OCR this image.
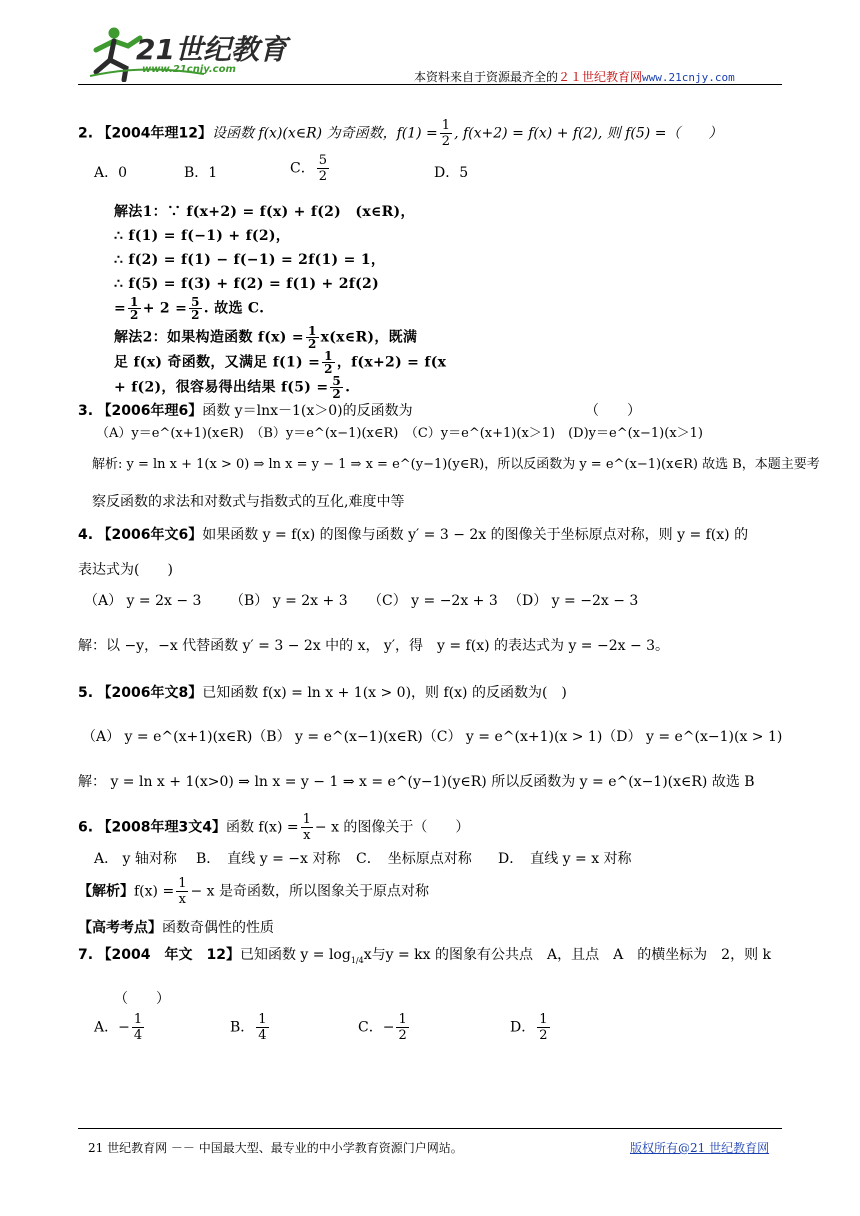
21世纪教育
www.21cnjy.com
本资料来自于资源最齐全的２１世纪教育网www.21cnjy.com
2. 【2004年理12】设函数 f(x)(x∈R) 为奇函数，$f(1) = \frac{1}{2}$ , f(x+2) = f(x) + f(2), 则 f(5) =（　　）
A．0	B．1	C． $\frac{5}{2}$	D．5
解法1：∵ f(x+2) = f(x) + f(2)　(x∈R)，
∴ f(1) = f(−1) + f(2)，
∴ f(2) = f(1) − f(−1) = 2f(1) = 1，
∴ f(5) = f(3) + f(2) = f(1) + 2f(2)
= $\frac{1}{2} + 2 = \frac{5}{2}$ . 故选 C.
解法2：如果构造函数 $f(x) = \frac{1}{2}$ x(x∈R)，既满
足 f(x) 奇函数，又满足 $f(1) = \frac{1}{2}$ ，f(x+2) = f(x
+ f(2)，很容易得出结果 $f(5) = \frac{5}{2}$ .
3. 【2006年理6】函数 y＝lnx－1(x＞0)的反函数为	（　　）
（A）y＝e^(x+1)(x∈R)　（B）y＝e^(x−1)(x∈R)　（C）y＝e^(x+1)(x＞1)　(D)y＝e^(x−1)(x＞1)
解析: y = ln x + 1(x > 0) ⇒ ln x = y − 1 ⇒ x = e^(y−1)(y∈R)，所以反函数为 y = e^(x−1)(x∈R) 故选 B，本题主要考
察反函数的求法和对数式与指数式的互化,难度中等
4. 【2006年文6】如果函数 y = f(x) 的图像与函数 y′ = 3 − 2x 的图像关于坐标原点对称，则 y = f(x) 的
表达式为(　　)
（A） y = 2x − 3 （B） y = 2x + 3 （C） y = −2x + 3 （D） y = −2x − 3
解：以 −y，−x 代替函数 y′ = 3 − 2x 中的 x， y′，得　y = f(x) 的表达式为 y = −2x − 3。
5. 【2006年文8】已知函数 f(x) = ln x + 1(x > 0)，则 f(x) 的反函数为(　)
（A） y = e^(x+1)(x∈R)（B） y = e^(x−1)(x∈R)（C） y = e^(x+1)(x > 1)（D） y = e^(x−1)(x > 1)
解： y = ln x + 1(x>0) ⇒ ln x = y − 1 ⇒ x = e^(y−1)(y∈R) 所以反函数为 y = e^(x−1)(x∈R) 故选 B
6. 【2008年理3文4】函数 $f(x) = \frac{1}{x} - x$ 的图像关于（　　）
A． y 轴对称 B．　直线 y = −x 对称 C．　坐标原点对称 D．　直线 y = x 对称
【解析】$f(x) = \frac{1}{x} - x$ 是奇函数，所以图象关于原点对称
【高考考点】函数奇偶性的性质
7. 【2004　年文　12】已知函数 $y = \log_{1/4}x$与y = kx 的图象有公共点　A，且点　A　的横坐标为　2，则 k
（　　）
A．− $\frac{1}{4}$	B． $\frac{1}{4}$	C．− $\frac{1}{2}$	D． $\frac{1}{2}$
21 世纪教育网 －－ 中国最大型、最专业的中小学教育资源门户网站。	版权所有@21 世纪教育网
